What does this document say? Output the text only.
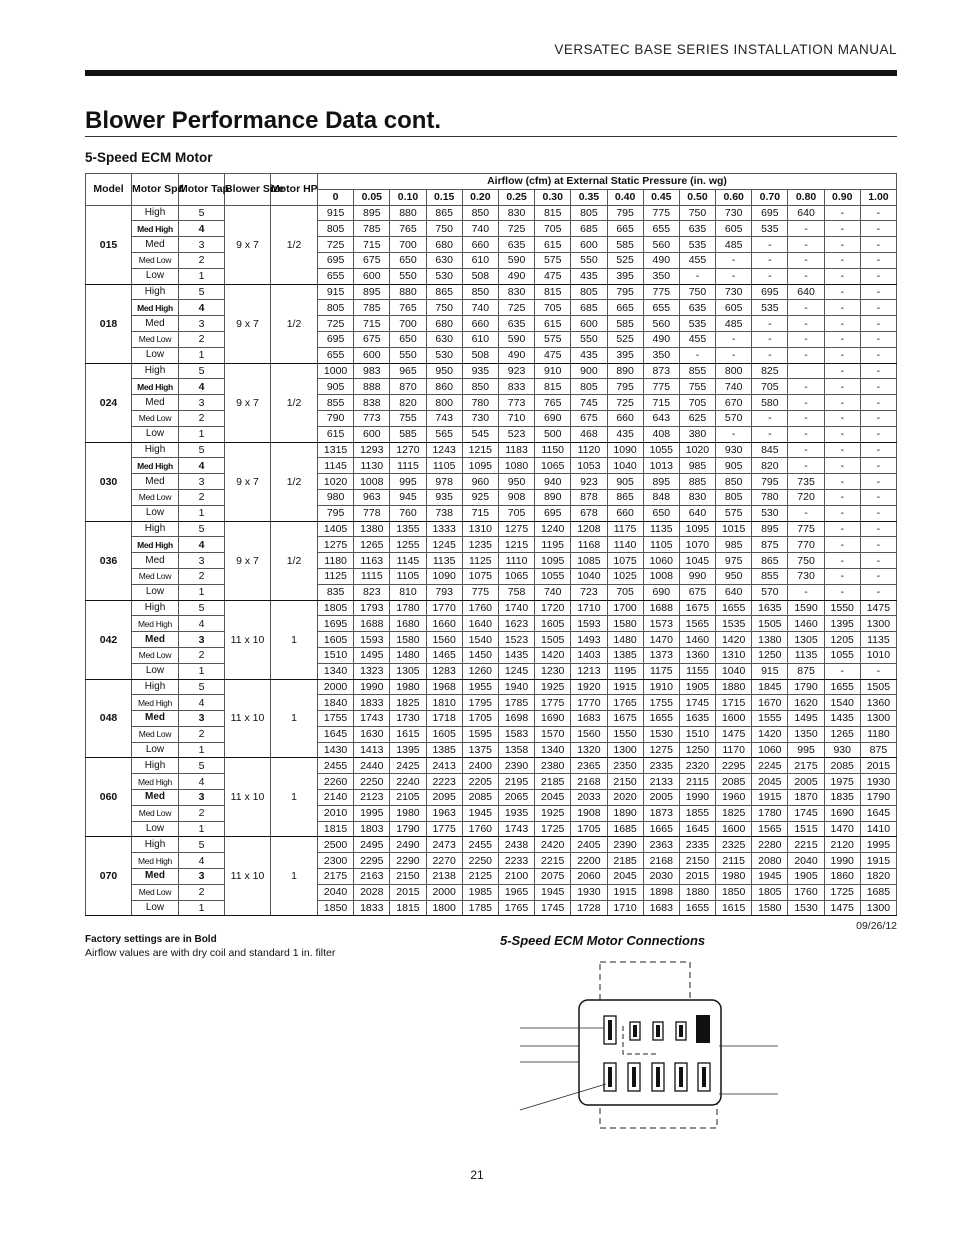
VERSATEC BASE SERIES INSTALLATION MANUAL
Blower Performance Data cont.
5-Speed ECM Motor
Model	Motor Spd	Motor Tap	Blower Size	Motor HP	Airflow (cfm) at External Static Pressure (in. wg)															
					0	0.05	0.10	0.15	0.20	0.25	0.30	0.35	0.40	0.45	0.50	0.60	0.70	0.80	0.90	1.00
015	High	5	9 x 7	1/2	915	895	880	865	850	830	815	805	795	775	750	730	695	640	-	-
	Med High	4			805	785	765	750	740	725	705	685	665	655	635	605	535	-	-	-
	Med	3			725	715	700	680	660	635	615	600	585	560	535	485	-	-	-	-
	Med Low	2			695	675	650	630	610	590	575	550	525	490	455	-	-	-	-	-
	Low	1			655	600	550	530	508	490	475	435	395	350	-	-	-	-	-	-
018	High	5	9 x 7	1/2	915	895	880	865	850	830	815	805	795	775	750	730	695	640	-	-
	Med High	4			805	785	765	750	740	725	705	685	665	655	635	605	535	-	-	-
	Med	3			725	715	700	680	660	635	615	600	585	560	535	485	-	-	-	-
	Med Low	2			695	675	650	630	610	590	575	550	525	490	455	-	-	-	-	-
	Low	1			655	600	550	530	508	490	475	435	395	350	-	-	-	-	-	-
024	High	5	9 x 7	1/2	1000	983	965	950	935	923	910	900	890	873	855	800	825		-	-
	Med High	4			905	888	870	860	850	833	815	805	795	775	755	740	705	-	-	-
	Med	3			855	838	820	800	780	773	765	745	725	715	705	670	580	-	-	-
	Med Low	2			790	773	755	743	730	710	690	675	660	643	625	570	-	-	-	-
	Low	1			615	600	585	565	545	523	500	468	435	408	380	-	-	-	-	-
030	High	5	9 x 7	1/2	1315	1293	1270	1243	1215	1183	1150	1120	1090	1055	1020	930	845	-	-	-
	Med High	4			1145	1130	1115	1105	1095	1080	1065	1053	1040	1013	985	905	820	-	-	-
	Med	3			1020	1008	995	978	960	950	940	923	905	895	885	850	795	735	-	-
	Med Low	2			980	963	945	935	925	908	890	878	865	848	830	805	780	720	-	-
	Low	1			795	778	760	738	715	705	695	678	660	650	640	575	530	-	-	-
036	High	5	9 x 7	1/2	1405	1380	1355	1333	1310	1275	1240	1208	1175	1135	1095	1015	895	775	-	-
	Med High	4			1275	1265	1255	1245	1235	1215	1195	1168	1140	1105	1070	985	875	770	-	-
	Med	3			1180	1163	1145	1135	1125	1110	1095	1085	1075	1060	1045	975	865	750	-	-
	Med Low	2			1125	1115	1105	1090	1075	1065	1055	1040	1025	1008	990	950	855	730	-	-
	Low	1			835	823	810	793	775	758	740	723	705	690	675	640	570	-	-	-
042	High	5	11 x 10	1	1805	1793	1780	1770	1760	1740	1720	1710	1700	1688	1675	1655	1635	1590	1550	1475
	Med High	4			1695	1688	1680	1660	1640	1623	1605	1593	1580	1573	1565	1535	1505	1460	1395	1300
	Med	3			1605	1593	1580	1560	1540	1523	1505	1493	1480	1470	1460	1420	1380	1305	1205	1135
	Med Low	2			1510	1495	1480	1465	1450	1435	1420	1403	1385	1373	1360	1310	1250	1135	1055	1010
	Low	1			1340	1323	1305	1283	1260	1245	1230	1213	1195	1175	1155	1040	915	875	-	-
048	High	5	11 x 10	1	2000	1990	1980	1968	1955	1940	1925	1920	1915	1910	1905	1880	1845	1790	1655	1505
	Med High	4			1840	1833	1825	1810	1795	1785	1775	1770	1765	1755	1745	1715	1670	1620	1540	1360
	Med	3			1755	1743	1730	1718	1705	1698	1690	1683	1675	1655	1635	1600	1555	1495	1435	1300
	Med Low	2			1645	1630	1615	1605	1595	1583	1570	1560	1550	1530	1510	1475	1420	1350	1265	1180
	Low	1			1430	1413	1395	1385	1375	1358	1340	1320	1300	1275	1250	1170	1060	995	930	875
060	High	5	11 x 10	1	2455	2440	2425	2413	2400	2390	2380	2365	2350	2335	2320	2295	2245	2175	2085	2015
	Med High	4			2260	2250	2240	2223	2205	2195	2185	2168	2150	2133	2115	2085	2045	2005	1975	1930
	Med	3			2140	2123	2105	2095	2085	2065	2045	2033	2020	2005	1990	1960	1915	1870	1835	1790
	Med Low	2			2010	1995	1980	1963	1945	1935	1925	1908	1890	1873	1855	1825	1780	1745	1690	1645
	Low	1			1815	1803	1790	1775	1760	1743	1725	1705	1685	1665	1645	1600	1565	1515	1470	1410
070	High	5	11 x 10	1	2500	2495	2490	2473	2455	2438	2420	2405	2390	2363	2335	2325	2280	2215	2120	1995
	Med High	4			2300	2295	2290	2270	2250	2233	2215	2200	2185	2168	2150	2115	2080	2040	1990	1915
	Med	3			2175	2163	2150	2138	2125	2100	2075	2060	2045	2030	2015	1980	1945	1905	1860	1820
	Med Low	2			2040	2028	2015	2000	1985	1965	1945	1930	1915	1898	1880	1850	1805	1760	1725	1685
	Low	1			1850	1833	1815	1800	1785	1765	1745	1728	1710	1683	1655	1615	1580	1530	1475	1300
09/26/12
Factory settings are in Bold
Airflow values are with dry coil and standard 1 in. filter
5-Speed ECM Motor Connections
21
